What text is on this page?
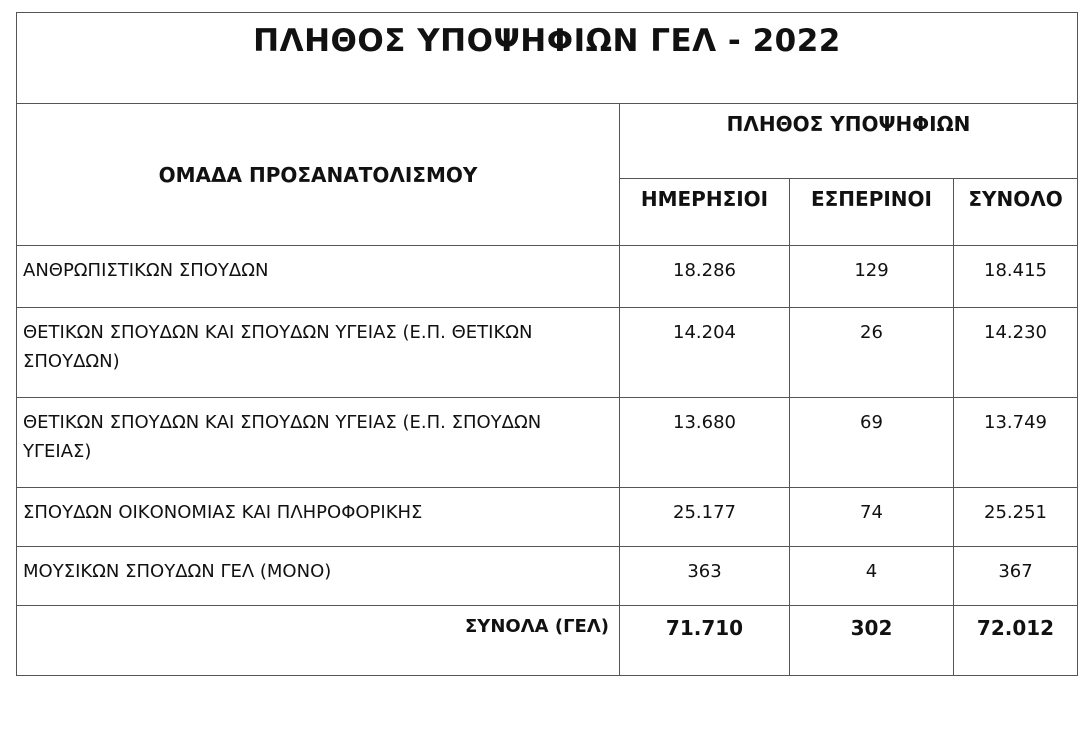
ΠΛΗΘΟΣ ΥΠΟΨΗΦΙΩΝ ΓΕΛ - 2022			
ΟΜΑΔΑ ΠΡΟΣΑΝΑΤΟΛΙΣΜΟΥ	ΠΛΗΘΟΣ ΥΠΟΨΗΦΙΩΝ		
	ΗΜΕΡΗΣΙΟΙ	ΕΣΠΕΡΙΝΟΙ	ΣΥΝΟΛΟ
ΑΝΘΡΩΠΙΣΤΙΚΩΝ ΣΠΟΥΔΩΝ	18.286	129	18.415
ΘΕΤΙΚΩΝ ΣΠΟΥΔΩΝ ΚΑΙ ΣΠΟΥΔΩΝ ΥΓΕΙΑΣ (Ε.Π. ΘΕΤΙΚΩΝ ΣΠΟΥΔΩΝ)	14.204	26	14.230
ΘΕΤΙΚΩΝ ΣΠΟΥΔΩΝ ΚΑΙ ΣΠΟΥΔΩΝ ΥΓΕΙΑΣ (Ε.Π. ΣΠΟΥΔΩΝ ΥΓΕΙΑΣ)	13.680	69	13.749
ΣΠΟΥΔΩΝ ΟΙΚΟΝΟΜΙΑΣ ΚΑΙ ΠΛΗΡΟΦΟΡΙΚΗΣ	25.177	74	25.251
ΜΟΥΣΙΚΩΝ ΣΠΟΥΔΩΝ ΓΕΛ (ΜΟΝΟ)	363	4	367
ΣΥΝΟΛΑ (ΓΕΛ)	71.710	302	72.012
